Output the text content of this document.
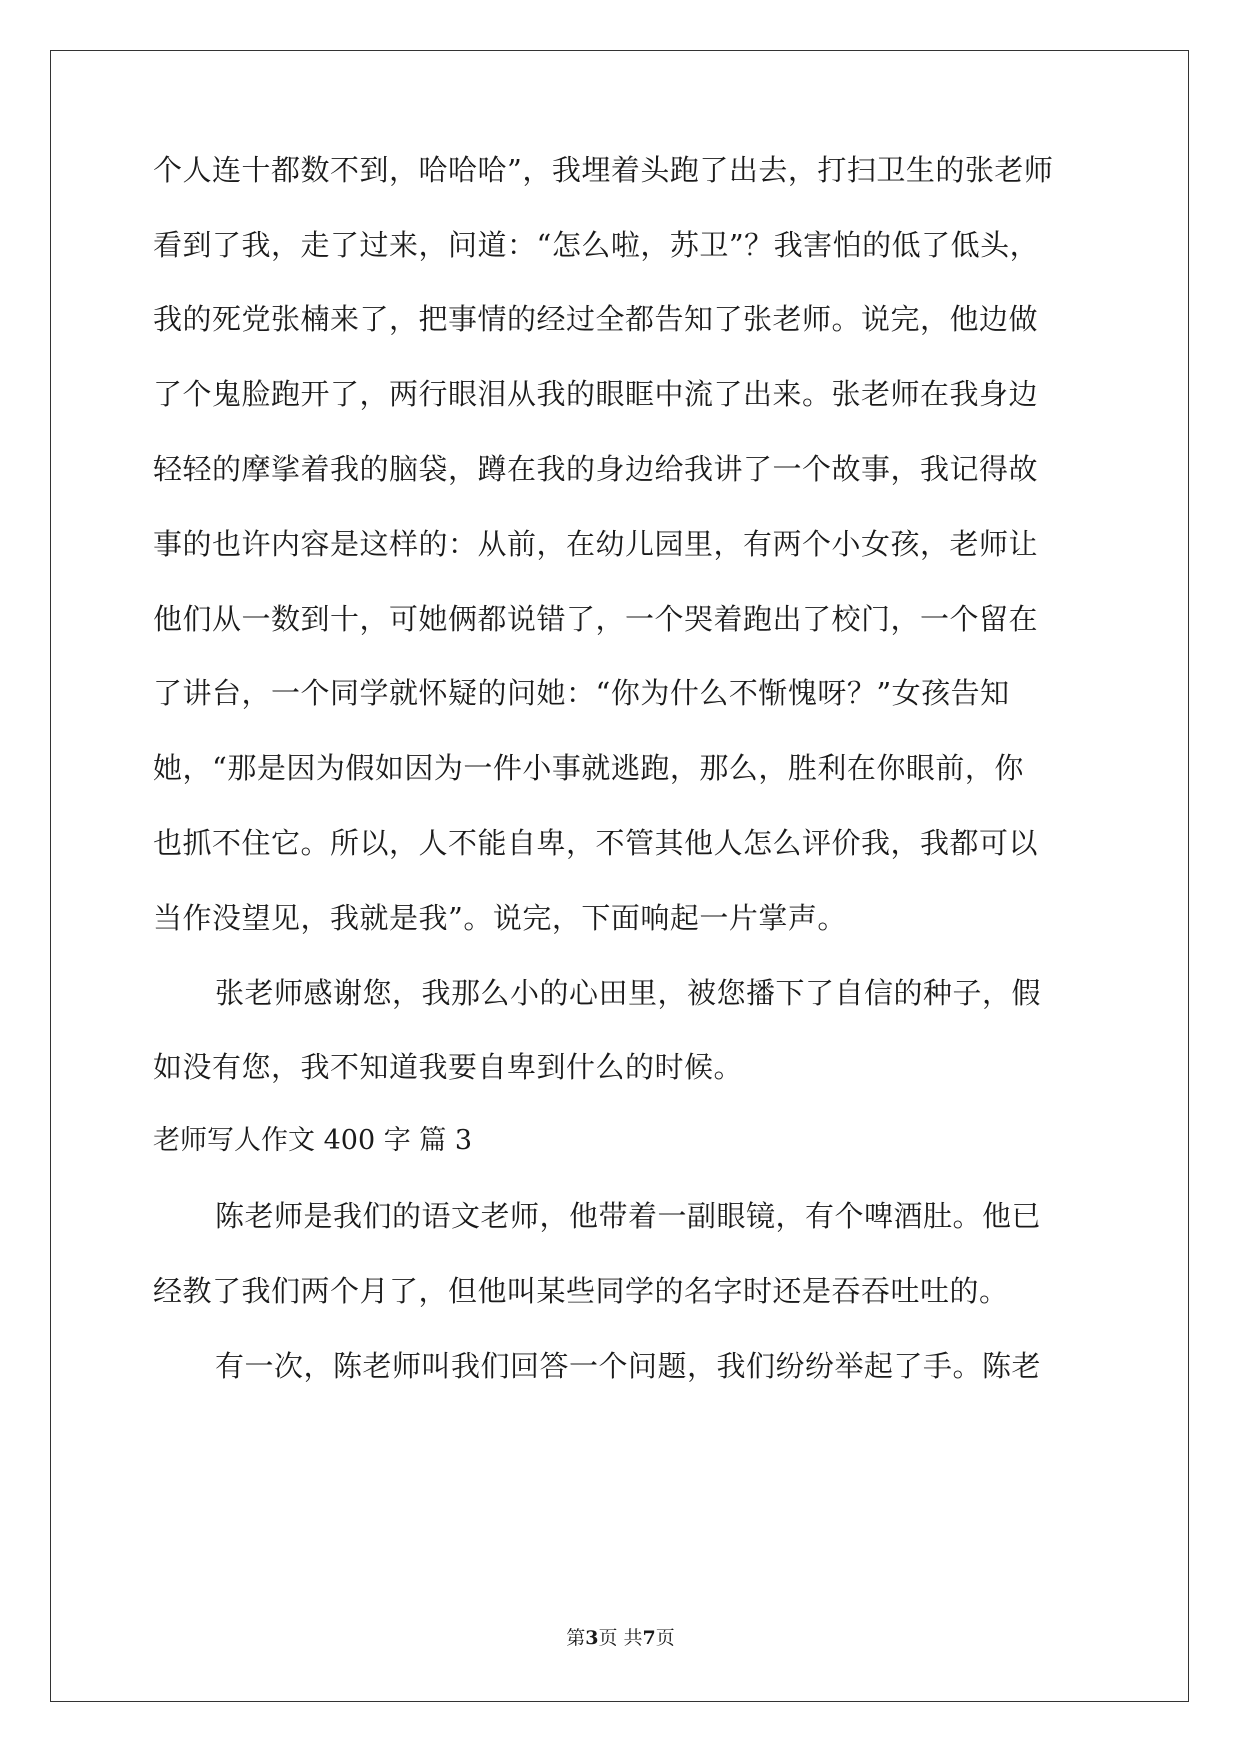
个人连十都数不到，哈哈哈”，我埋着头跑了出去，打扫卫生的张老师
看到了我，走了过来，问道：“怎么啦，苏卫”？我害怕的低了低头，
我的死党张楠来了，把事情的经过全都告知了张老师。说完，他边做
了个鬼脸跑开了，两行眼泪从我的眼眶中流了出来。张老师在我身边
轻轻的摩挲着我的脑袋，蹲在我的身边给我讲了一个故事，我记得故
事的也许内容是这样的：从前，在幼儿园里，有两个小女孩，老师让
他们从一数到十，可她俩都说错了，一个哭着跑出了校门，一个留在
了讲台，一个同学就怀疑的问她：“你为什么不惭愧呀？”女孩告知
她，“那是因为假如因为一件小事就逃跑，那么，胜利在你眼前，你
也抓不住它。所以，人不能自卑，不管其他人怎么评价我，我都可以
当作没望见，我就是我”。说完，下面响起一片掌声。
张老师感谢您，我那么小的心田里，被您播下了自信的种子，假
如没有您，我不知道我要自卑到什么的时候。
老师写人作文 400 字 篇 3
陈老师是我们的语文老师，他带着一副眼镜，有个啤酒肚。他已
经教了我们两个月了，但他叫某些同学的名字时还是吞吞吐吐的。
有一次，陈老师叫我们回答一个问题，我们纷纷举起了手。陈老
第3页 共7页
